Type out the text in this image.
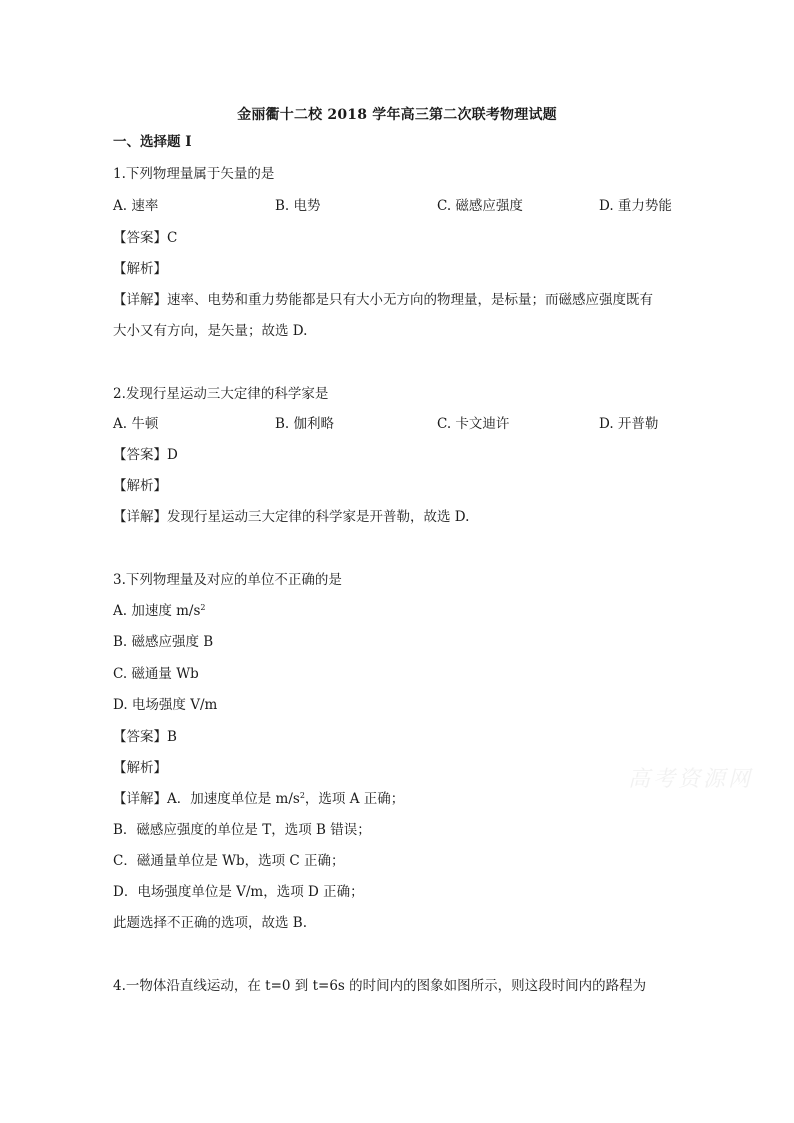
金丽衢十二校 2018 学年高三第二次联考物理试题
一、选择题 I
1.下列物理量属于矢量的是
A. 速率	B. 电势	C. 磁感应强度	D. 重力势能
【答案】C
【解析】
【详解】速率、电势和重力势能都是只有大小无方向的物理量，是标量；而磁感应强度既有
大小又有方向，是矢量；故选 D.
2.发现行星运动三大定律的科学家是
A. 牛顿	B. 伽利略	C. 卡文迪许	D. 开普勒
【答案】D
【解析】
【详解】发现行星运动三大定律的科学家是开普勒，故选 D.
3.下列物理量及对应的单位不正确的是
A. 加速度 $m/s^2$
B. 磁感应强度 B
C. 磁通量 Wb
D. 电场强度 V/m
【答案】B
【解析】
【详解】A．加速度单位是 $m/s^2$，选项 A 正确；
B．磁感应强度的单位是 T，选项 B 错误；
C．磁通量单位是 Wb，选项 C 正确；
D．电场强度单位是 V/m，选项 D 正确；
此题选择不正确的选项，故选 B.
4.一物体沿直线运动，在 t=0 到 t=6s 的时间内的图象如图所示，则这段时间内的路程为
高考资源网
